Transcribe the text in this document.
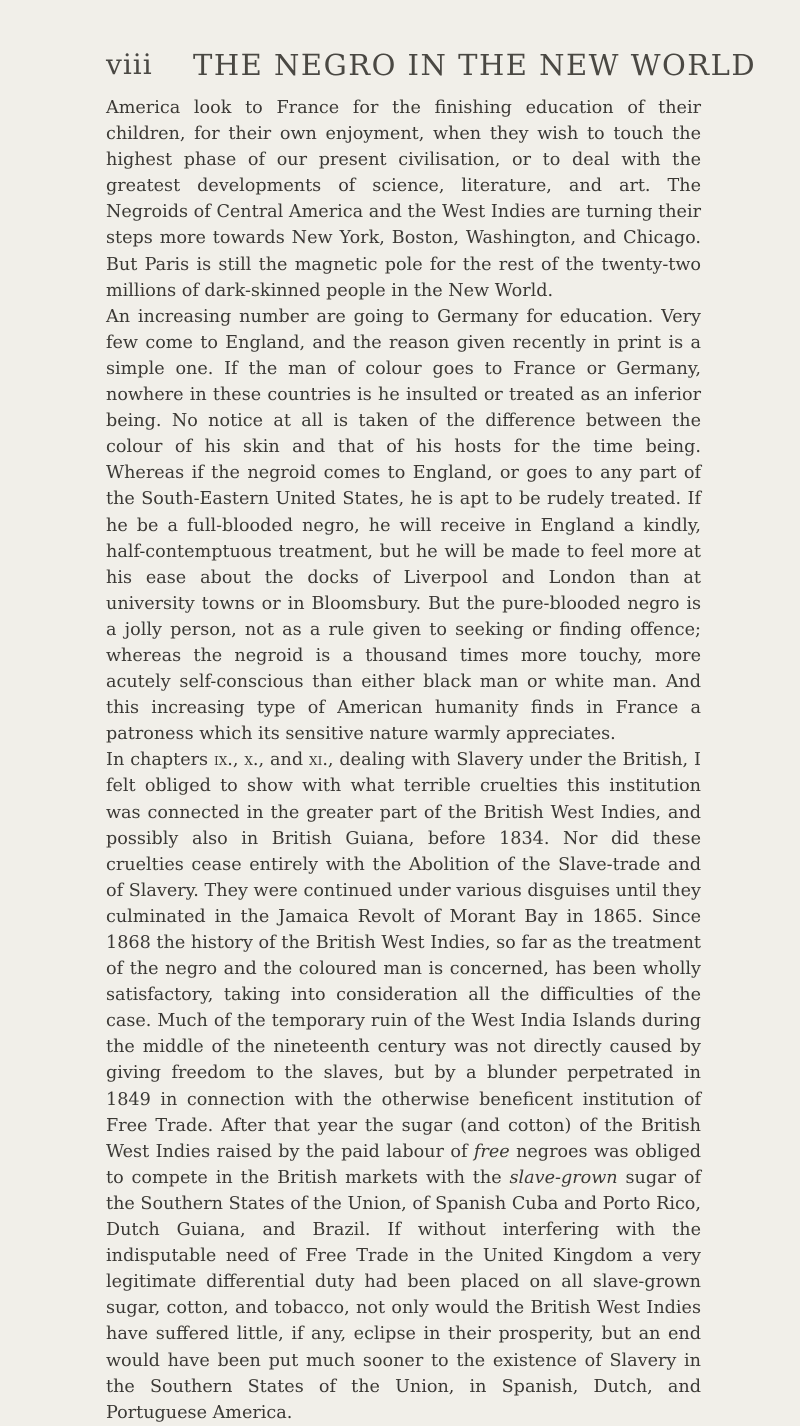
viii THE NEGRO IN THE NEW WORLD

America look to France for the finishing education of their children, for their own enjoyment, when they wish to touch the highest phase of our present civilisation, or to deal with the greatest developments of science, literature, and art. The Negroids of Central America and the West Indies are turning their steps more towards New York, Boston, Washington, and Chicago. But Paris is still the magnetic pole for the rest of the twenty-two millions of dark-skinned people in the New World.

An increasing number are going to Germany for education. Very few come to England, and the reason given recently in print is a simple one. If the man of colour goes to France or Germany, nowhere in these countries is he insulted or treated as an inferior being. No notice at all is taken of the difference between the colour of his skin and that of his hosts for the time being. Whereas if the negroid comes to England, or goes to any part of the South-Eastern United States, he is apt to be rudely treated. If he be a full-blooded negro, he will receive in England a kindly, half-contemptuous treatment, but he will be made to feel more at his ease about the docks of Liverpool and London than at university towns or in Bloomsbury. But the pure-blooded negro is a jolly person, not as a rule given to seeking or finding offence; whereas the negroid is a thousand times more touchy, more acutely self-conscious than either black man or white man. And this increasing type of American humanity finds in France a patroness which its sensitive nature warmly appreciates.

In chapters ix., x., and xi., dealing with Slavery under the British, I felt obliged to show with what terrible cruelties this institution was connected in the greater part of the British West Indies, and possibly also in British Guiana, before 1834. Nor did these cruelties cease entirely with the Abolition of the Slave-trade and of Slavery. They were continued under various disguises until they culminated in the Jamaica Revolt of Morant Bay in 1865. Since 1868 the history of the British West Indies, so far as the treatment of the negro and the coloured man is concerned, has been wholly satisfactory, taking into consideration all the difficulties of the case. Much of the temporary ruin of the West India Islands during the middle of the nineteenth century was not directly caused by giving freedom to the slaves, but by a blunder perpetrated in 1849 in connection with the otherwise beneficent institution of Free Trade. After that year the sugar (and cotton) of the British West Indies raised by the paid labour of free negroes was obliged to compete in the British markets with the slave-grown sugar of the Southern States of the Union, of Spanish Cuba and Porto Rico, Dutch Guiana, and Brazil. If without interfering with the indisputable need of Free Trade in the United Kingdom a very legitimate differential duty had been placed on all slave-grown sugar, cotton, and tobacco, not only would the British West Indies have suffered little, if any, eclipse in their prosperity, but an end would have been put much sooner to the existence of Slavery in the Southern States of the Union, in Spanish, Dutch, and Portuguese America.
